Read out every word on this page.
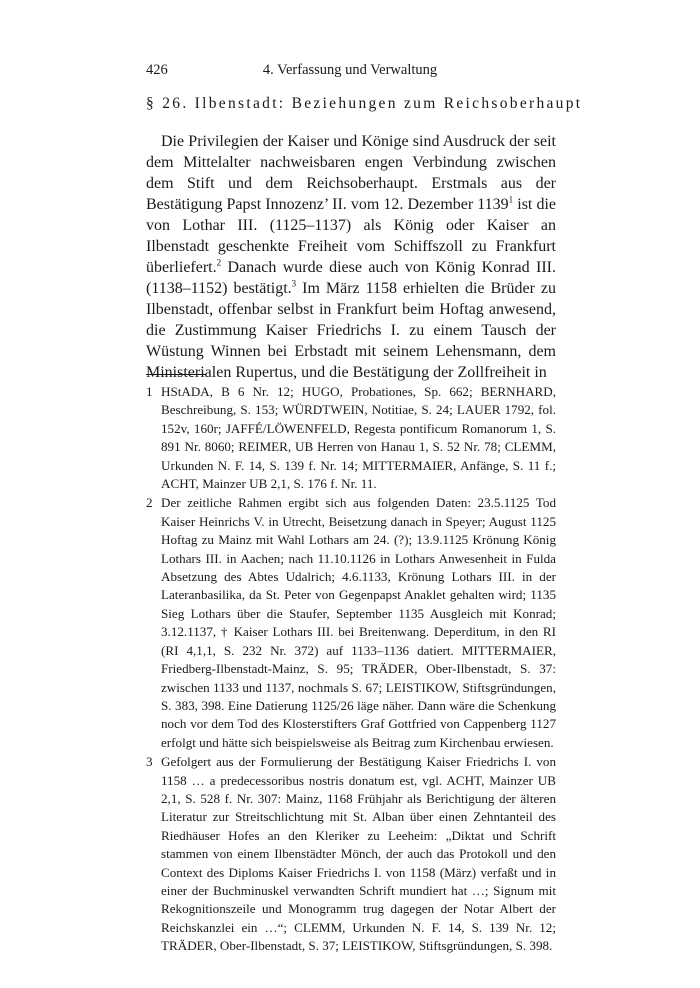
426	4. Verfassung und Verwaltung
§ 26. Ilbenstadt: Beziehungen zum Reichsoberhaupt

Die Privilegien der Kaiser und Könige sind Ausdruck der seit dem Mittelalter nachweisbaren engen Verbindung zwischen dem Stift und dem Reichsoberhaupt. Erstmals aus der Bestätigung Papst Innozenz’ II. vom 12. Dezember 1139$^1$ ist die von Lothar III. (1125–1137) als König oder Kaiser an Ilbenstadt geschenkte Freiheit vom Schiffszoll zu Frankfurt überliefert.$^2$ Danach wurde diese auch von König Konrad III. (1138–1152) bestätigt.$^3$ Im März 1158 erhielten die Brüder zu Ilbenstadt, offenbar selbst in Frankfurt beim Hoftag anwesend, die Zustimmung Kaiser Friedrichs I. zu einem Tausch der Wüstung Winnen bei Erbstadt mit seinem Lehensmann, dem Ministerialen Rupertus, und die Bestätigung der Zollfreiheit in

1 HStADA, B 6 Nr. 12; HUGO, Probationes, Sp. 662; BERNHARD, Beschreibung, S. 153; WÜRDTWEIN, Notitiae, S. 24; LAUER 1792, fol. 152v, 160r; JAFFÉ/LÖWENFELD, Regesta pontificum Romanorum 1, S. 891 Nr. 8060; REIMER, UB Herren von Hanau 1, S. 52 Nr. 78; CLEMM, Urkunden N. F. 14, S. 139 f. Nr. 14; MITTERMAIER, Anfänge, S. 11 f.; ACHT, Mainzer UB 2,1, S. 176 f. Nr. 11.
2 Der zeitliche Rahmen ergibt sich aus folgenden Daten: 23.5.1125 Tod Kaiser Heinrichs V. in Utrecht, Beisetzung danach in Speyer; August 1125 Hoftag zu Mainz mit Wahl Lothars am 24. (?); 13.9.1125 Krönung König Lothars III. in Aachen; nach 11.10.1126 in Lothars Anwesenheit in Fulda Absetzung des Abtes Udalrich; 4.6.1133, Krönung Lothars III. in der Lateranbasilika, da St. Peter von Gegenpapst Anaklet gehalten wird; 1135 Sieg Lothars über die Staufer, September 1135 Ausgleich mit Konrad; 3.12.1137, † Kaiser Lothars III. bei Breitenwang. Deperditum, in den RI (RI 4,1,1, S. 232 Nr. 372) auf 1133–1136 datiert. MITTERMAIER, Friedberg-Ilbenstadt-Mainz, S. 95; TRÄDER, Ober-Ilbenstadt, S. 37: zwischen 1133 und 1137, nochmals S. 67; LEISTIKOW, Stiftsgründungen, S. 383, 398. Eine Datierung 1125/26 läge näher. Dann wäre die Schenkung noch vor dem Tod des Klosterstifters Graf Gottfried von Cappenberg 1127 erfolgt und hätte sich beispielsweise als Beitrag zum Kirchenbau erwiesen.
3 Gefolgert aus der Formulierung der Bestätigung Kaiser Friedrichs I. von 1158 … a predecessoribus nostris donatum est, vgl. ACHT, Mainzer UB 2,1, S. 528 f. Nr. 307: Mainz, 1168 Frühjahr als Berichtigung der älteren Literatur zur Streitschlichtung mit St. Alban über einen Zehntanteil des Riedhäuser Hofes an den Kleriker zu Leeheim: „Diktat und Schrift stammen von einem Ilbenstädter Mönch, der auch das Protokoll und den Context des Diploms Kaiser Friedrichs I. von 1158 (März) verfaßt und in einer der Buchminuskel verwandten Schrift mundiert hat …; Signum mit Rekognitionszeile und Monogramm trug dagegen der Notar Albert der Reichskanzlei ein …“; CLEMM, Urkunden N. F. 14, S. 139 Nr. 12; TRÄDER, Ober-Ilbenstadt, S. 37; LEISTIKOW, Stiftsgründungen, S. 398.
